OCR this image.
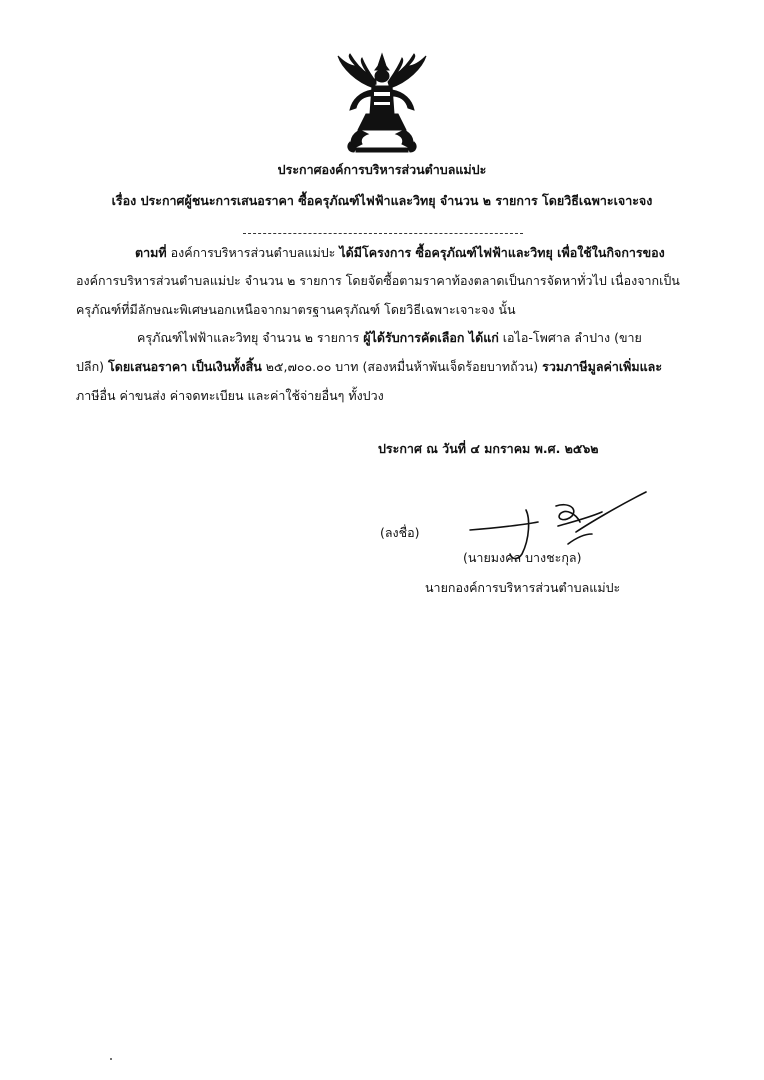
ประกาศองค์การบริหารส่วนตำบลแม่ปะ
เรื่อง ประกาศผู้ชนะการเสนอราคา ซื้อครุภัณฑ์ไฟฟ้าและวิทยุ จำนวน ๒ รายการ โดยวิธีเฉพาะเจาะจง
ตามที่ องค์การบริหารส่วนตำบลแม่ปะ ได้มีโครงการ ซื้อครุภัณฑ์ไฟฟ้าและวิทยุ เพื่อใช้ในกิจการของ
องค์การบริหารส่วนตำบลแม่ปะ จำนวน ๒ รายการ โดยจัดซื้อตามราคาท้องตลาดเป็นการจัดหาทั่วไป เนื่องจากเป็น
ครุภัณฑ์ที่มีลักษณะพิเศษนอกเหนือจากมาตรฐานครุภัณฑ์ โดยวิธีเฉพาะเจาะจง นั้น
ครุภัณฑ์ไฟฟ้าและวิทยุ จำนวน ๒ รายการ ผู้ได้รับการคัดเลือก ได้แก่ เอไอ-โพศาล ลำปาง (ขาย
ปลีก) โดยเสนอราคา เป็นเงินทั้งสิ้น ๒๕,๗๐๐.๐๐ บาท (สองหมื่นห้าพันเจ็ดร้อยบาทถ้วน) รวมภาษีมูลค่าเพิ่มและ
ภาษีอื่น ค่าขนส่ง ค่าจดทะเบียน และค่าใช้จ่ายอื่นๆ ทั้งปวง
ประกาศ ณ วันที่ ๔ มกราคม พ.ศ. ๒๕๖๒
(ลงชื่อ)
(นายมงคล บางชะกุล)
นายกองค์การบริหารส่วนตำบลแม่ปะ
